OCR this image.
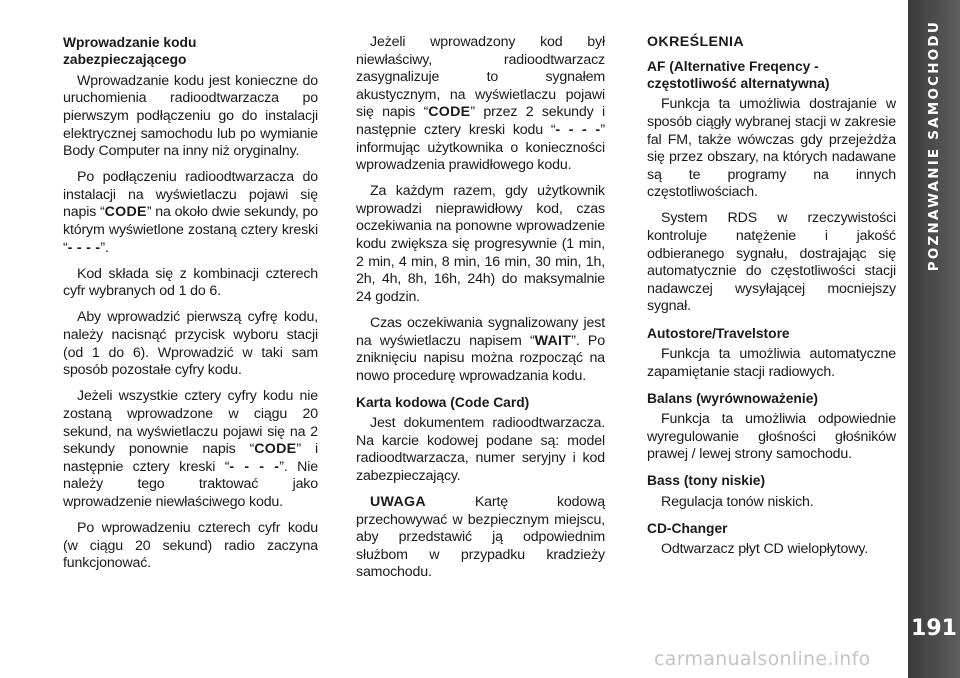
Wprowadzanie kodu zabezpieczającego

Wprowadzanie kodu jest konieczne do uruchomienia radioodtwarzacza po pierwszym podłączeniu go do instalacji elektrycznej samochodu lub po wymianie Body Computer na inny niż oryginalny.

Po podłączeniu radioodtwarzacza do instalacji na wyświetlaczu pojawi się napis “CODE” na około dwie sekundy, po którym wyświetlone zostaną cztery kreski “- - - -”.

Kod składa się z kombinacji czterech cyfr wybranych od 1 do 6.

Aby wprowadzić pierwszą cyfrę kodu, należy nacisnąć przycisk wyboru stacji (od 1 do 6). Wprowadzić w taki sam sposób pozostałe cyfry kodu.

Jeżeli wszystkie cztery cyfry kodu nie zostaną wprowadzone w ciągu 20 sekund, na wyświetlaczu pojawi się na 2 sekundy ponownie napis “CODE” i następnie cztery kreski “- - - -”. Nie należy tego traktować jako wprowadzenie niewłaściwego kodu.

Po wprowadzeniu czterech cyfr kodu (w ciągu 20 sekund) radio zaczyna funkcjonować.

Jeżeli wprowadzony kod był niewłaściwy, radioodtwarzacz zasygnalizuje to sygnałem akustycznym, na wyświetlaczu pojawi się napis “CODE” przez 2 sekundy i następnie cztery kreski kodu “- - - -” informując użytkownika o konieczności wprowadzenia prawidłowego kodu.

Za każdym razem, gdy użytkownik wprowadzi nieprawidłowy kod, czas oczekiwania na ponowne wprowadzenie kodu zwiększa się progresywnie (1 min, 2 min, 4 min, 8 min, 16 min, 30 min, 1h, 2h, 4h, 8h, 16h, 24h) do maksymalnie 24 godzin.

Czas oczekiwania sygnalizowany jest na wyświetlaczu napisem “WAIT”. Po zniknięciu napisu można rozpocząć na nowo procedurę wprowadzania kodu.

Karta kodowa (Code Card)

Jest dokumentem radioodtwarzacza. Na karcie kodowej podane są: model radioodtwarzacza, numer seryjny i kod zabezpieczający.

UWAGA Kartę kodową przechowywać w bezpiecznym miejscu, aby przedstawić ją odpowiednim służbom w przypadku kradzieży samochodu.

OKREŚLENIA
AF (Alternative Freqency - częstotliwość alternatywna)

Funkcja ta umożliwia dostrajanie w sposób ciągły wybranej stacji w zakresie fal FM, także wówczas gdy przejeżdża się przez obszary, na których nadawane są te programy na innych częstotliwościach.

System RDS w rzeczywistości kontroluje natężenie i jakość odbieranego sygnału, dostrajając się automatycznie do częstotliwości stacji nadawczej wysyłającej mocniejszy sygnał.

Autostore/Travelstore

Funkcja ta umożliwia automatyczne zapamiętanie stacji radiowych.

Balans (wyrównoważenie)

Funkcja ta umożliwia odpowiednie wyregulowanie głośności głośników prawej / lewej strony samochodu.

Bass (tony niskie)

Regulacja tonów niskich.

CD-Changer

Odtwarzacz płyt CD wielopłytowy.

POZNAWANIE SAMOCHODU
191
carmanualsonline.info
